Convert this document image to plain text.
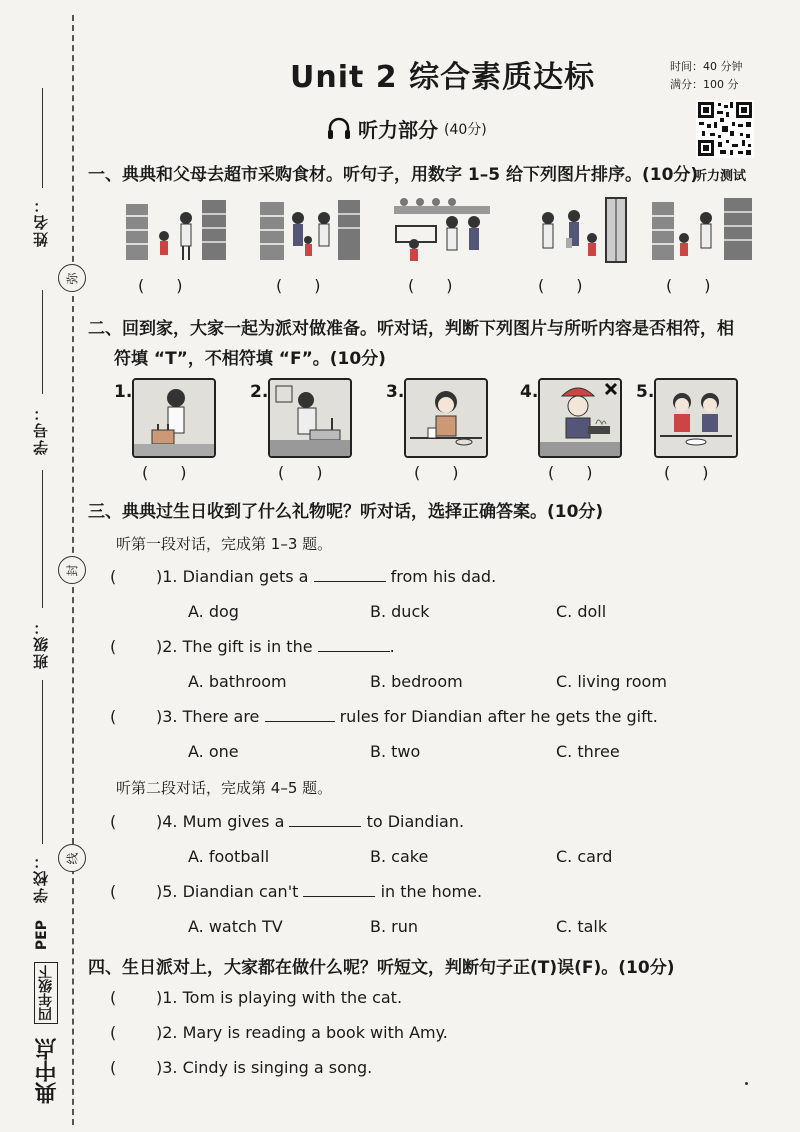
姓名：
弥
学号：
封
班级：
学校： 线
PEP
四年级下
典中点
Unit 2 综合素质达标	时间：40 分钟
满分：100 分
听力测试
听力部分 (40分)
一、典典和父母去超市采购食材。听句子，用数字 1–5 给下列图片排序。(10分)
(　　)	(　　)	(　　)	(　　)	(　　)
二、回到家，大家一起为派对做准备。听对话，判断下列图片与所听内容是否相符，相
符填 “T”，不相符填 “F”。(10分)
1.	2.	3.	4.	5.
(　　)	(　　)	(　　)	(　　)	(　　)
三、典典过生日收到了什么礼物呢？听对话，选择正确答案。(10分)
听第一段对话，完成第 1–3 题。
( )1. Diandian gets a	from his dad.
A. dog	B. duck	C. doll
( )2. The gift is in the	.
A. bathroom	B. bedroom	C. living room
( )3. There are	rules for Diandian after he gets the gift.
A. one	B. two	C. three
听第二段对话，完成第 4–5 题。
( )4. Mum gives a	to Diandian.
A. football	B. cake	C. card
( )5. Diandian can't	in the home.
A. watch TV	B. run	C. talk
四、生日派对上，大家都在做什么呢？听短文，判断句子正(T)误(F)。(10分)
( )1. Tom is playing with the cat.
( )2. Mary is reading a book with Amy.
( )3. Cindy is singing a song.
